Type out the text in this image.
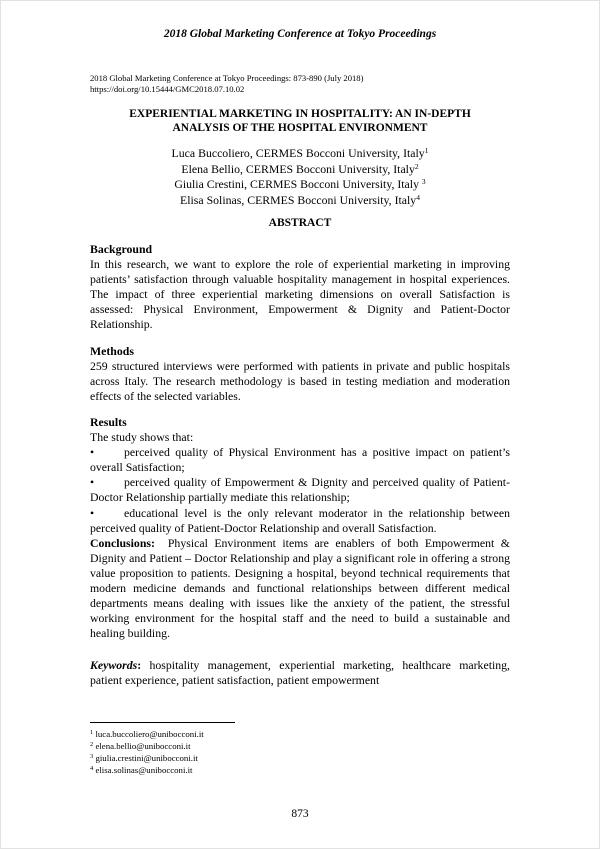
2018 Global Marketing Conference at Tokyo Proceedings
2018 Global Marketing Conference at Tokyo Proceedings: 873-890 (July 2018)
https://doi.org/10.15444/GMC2018.07.10.02
EXPERIENTIAL MARKETING IN HOSPITALITY: AN IN-DEPTH
ANALYSIS OF THE HOSPITAL ENVIRONMENT
Luca Buccoliero, CERMES Bocconi University, Italy$^1$
Elena Bellio, CERMES Bocconi University, Italy$^2$
Giulia Crestini, CERMES Bocconi University, Italy $^3$
Elisa Solinas, CERMES Bocconi University, Italy$^4$
ABSTRACT
Background

In this research, we want to explore the role of experiential marketing in improving patients’ satisfaction through valuable hospitality management in hospital experiences. The impact of three experiential marketing dimensions on overall Satisfaction is assessed: Physical Environment, Empowerment & Dignity and Patient-Doctor Relationship.

Methods

259 structured interviews were performed with patients in private and public hospitals across Italy. The research methodology is based in testing mediation and moderation effects of the selected variables.

Results

The study shows that:

•	perceived quality of Physical Environment has a positive impact on patient’s overall Satisfaction;

•	perceived quality of Empowerment & Dignity and perceived quality of Patient-Doctor Relationship partially mediate this relationship;

•	educational level is the only relevant moderator in the relationship between perceived quality of Patient-Doctor Relationship and overall Satisfaction.

Conclusions: Physical Environment items are enablers of both Empowerment & Dignity and Patient – Doctor Relationship and play a significant role in offering a strong value proposition to patients. Designing a hospital, beyond technical requirements that modern medicine demands and functional relationships between different medical departments means dealing with issues like the anxiety of the patient, the stressful working environment for the hospital staff and the need to build a sustainable and healing building.

Keywords: hospitality management, experiential marketing, healthcare marketing, patient experience, patient satisfaction, patient empowerment

$^1$ luca.buccoliero@unibocconi.it
$^2$ elena.bellio@unibocconi.it
$^3$ giulia.crestini@unibocconi.it
$^4$ elisa.solinas@unibocconi.it
873
